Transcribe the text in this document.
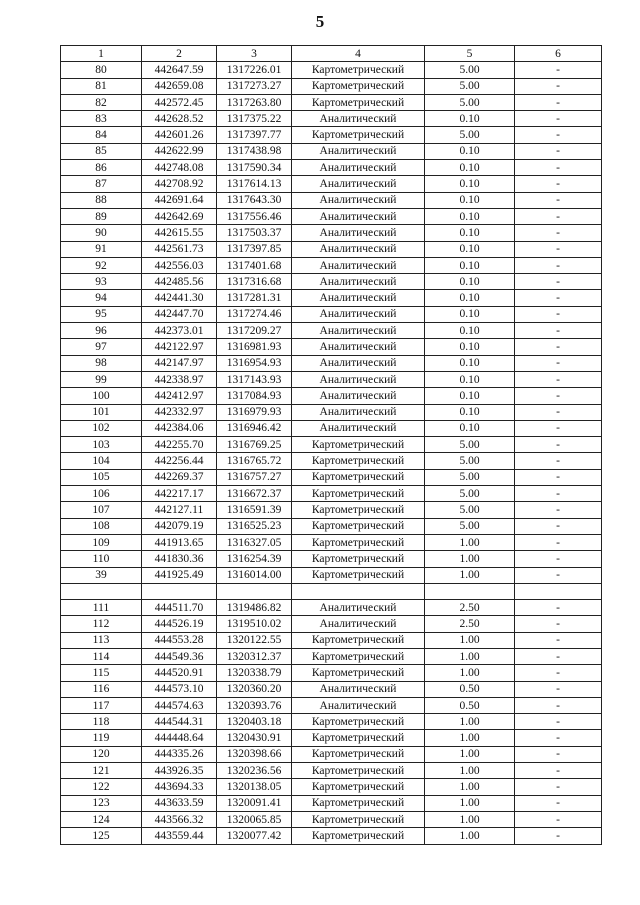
5
1	2	3	4	5	6
80	442647.59	1317226.01	Картометрический	5.00	-
81	442659.08	1317273.27	Картометрический	5.00	-
82	442572.45	1317263.80	Картометрический	5.00	-
83	442628.52	1317375.22	Аналитический	0.10	-
84	442601.26	1317397.77	Картометрический	5.00	-
85	442622.99	1317438.98	Аналитический	0.10	-
86	442748.08	1317590.34	Аналитический	0.10	-
87	442708.92	1317614.13	Аналитический	0.10	-
88	442691.64	1317643.30	Аналитический	0.10	-
89	442642.69	1317556.46	Аналитический	0.10	-
90	442615.55	1317503.37	Аналитический	0.10	-
91	442561.73	1317397.85	Аналитический	0.10	-
92	442556.03	1317401.68	Аналитический	0.10	-
93	442485.56	1317316.68	Аналитический	0.10	-
94	442441.30	1317281.31	Аналитический	0.10	-
95	442447.70	1317274.46	Аналитический	0.10	-
96	442373.01	1317209.27	Аналитический	0.10	-
97	442122.97	1316981.93	Аналитический	0.10	-
98	442147.97	1316954.93	Аналитический	0.10	-
99	442338.97	1317143.93	Аналитический	0.10	-
100	442412.97	1317084.93	Аналитический	0.10	-
101	442332.97	1316979.93	Аналитический	0.10	-
102	442384.06	1316946.42	Аналитический	0.10	-
103	442255.70	1316769.25	Картометрический	5.00	-
104	442256.44	1316765.72	Картометрический	5.00	-
105	442269.37	1316757.27	Картометрический	5.00	-
106	442217.17	1316672.37	Картометрический	5.00	-
107	442127.11	1316591.39	Картометрический	5.00	-
108	442079.19	1316525.23	Картометрический	5.00	-
109	441913.65	1316327.05	Картометрический	1.00	-
110	441830.36	1316254.39	Картометрический	1.00	-
39	441925.49	1316014.00	Картометрический	1.00	-

111	444511.70	1319486.82	Аналитический	2.50	-
112	444526.19	1319510.02	Аналитический	2.50	-
113	444553.28	1320122.55	Картометрический	1.00	-
114	444549.36	1320312.37	Картометрический	1.00	-
115	444520.91	1320338.79	Картометрический	1.00	-
116	444573.10	1320360.20	Аналитический	0.50	-
117	444574.63	1320393.76	Аналитический	0.50	-
118	444544.31	1320403.18	Картометрический	1.00	-
119	444448.64	1320430.91	Картометрический	1.00	-
120	444335.26	1320398.66	Картометрический	1.00	-
121	443926.35	1320236.56	Картометрический	1.00	-
122	443694.33	1320138.05	Картометрический	1.00	-
123	443633.59	1320091.41	Картометрический	1.00	-
124	443566.32	1320065.85	Картометрический	1.00	-
125	443559.44	1320077.42	Картометрический	1.00	-
